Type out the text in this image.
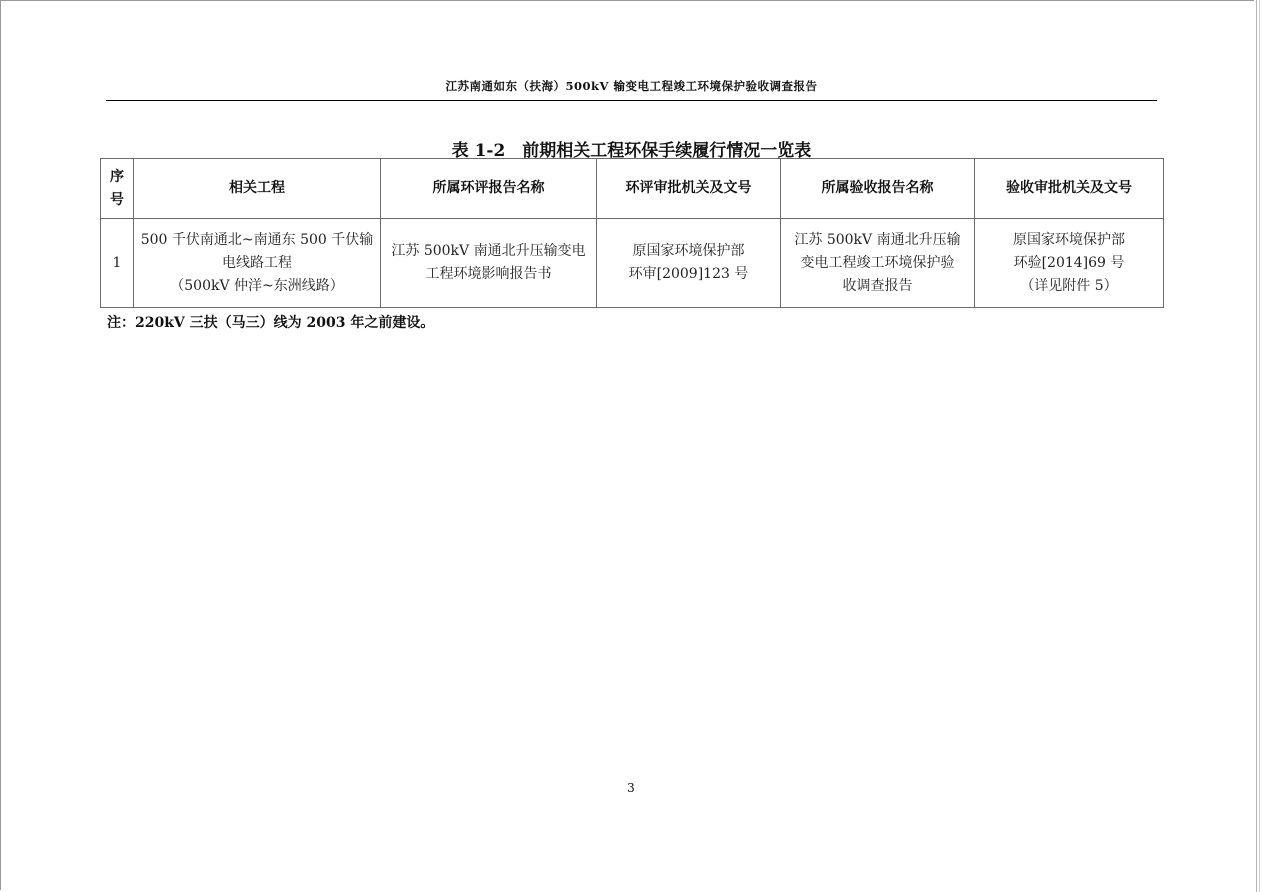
江苏南通如东（扶海）500kV 输变电工程竣工环境保护验收调查报告
表 1-2　前期相关工程环保手续履行情况一览表
序
号	相关工程	所属环评报告名称	环评审批机关及文号	所属验收报告名称	验收审批机关及文号

1	500 千伏南通北~南通东 500 千伏输
电线路工程
（500kV 仲洋~东洲线路）	江苏 500kV 南通北升压输变电
工程环境影响报告书	原国家环境保护部
环审[2009]123 号	江苏 500kV 南通北升压输
变电工程竣工环境保护验
收调查报告	原国家环境保护部
环验[2014]69 号
（详见附件 5）
注：220kV 三扶（马三）线为 2003 年之前建设。
3
